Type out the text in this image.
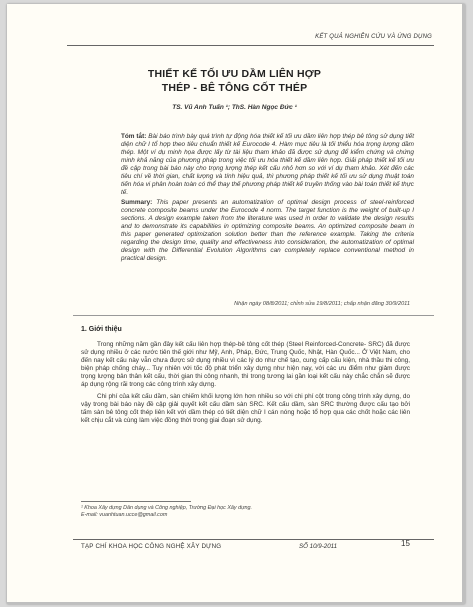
KẾT QUẢ NGHIÊN CỨU VÀ ỨNG DỤNG
THIẾT KẾ TỐI ƯU DẦM LIÊN HỢP
THÉP - BÊ TÔNG CỐT THÉP
TS. Vũ Anh Tuấn ¹; ThS. Hàn Ngọc Đức ¹

Tóm tắt: Bài báo trình bày quá trình tự động hóa thiết kế tối ưu dầm liên hợp thép bê tông sử dụng tiết diện chữ I tổ hợp theo tiêu chuẩn thiết kế Eurocode 4. Hàm mục tiêu là tối thiểu hóa trọng lượng dầm thép. Một ví dụ minh họa được lấy từ tài liệu tham khảo đã được sử dụng để kiểm chứng và chứng minh khả năng của phương pháp trong việc tối ưu hóa thiết kế dầm liên hợp. Giải pháp thiết kế tối ưu đề cập trong bài báo này cho trọng lượng thép kết cấu nhỏ hơn so với ví dụ tham khảo. Xét đến các tiêu chí về thời gian, chất lượng và tính hiệu quả, thì phương pháp thiết kế tối ưu sử dụng thuật toán tiến hóa vi phân hoàn toàn có thể thay thế phương pháp thiết kế truyền thống vào bài toán thiết kế thực tế.

Summary: This paper presents an automatization of optimal design process of steel-reinforced concrete composite beams under the Eurocode 4 norm. The target function is the weight of built-up I sections. A design example taken from the literature was used in order to validate the design results and to demonstrate its capabilities in optimizing composite beams. An optimized composite beam in this paper generated optimization solution better than the reference example. Taking the criteria regarding the design time, quality and effectiveness into consideration, the automatization of optimal design with the Differential Evolution Algorithms can completely replace conventional method in practical design.

Nhận ngày 08/8/2011; chỉnh sửa 19/8/2011; chấp nhận đăng 30/9/2011
1. Giới thiệu

Trong những năm gần đây kết cấu liên hợp thép-bê tông cốt thép (Steel Reinforced-Concrete- SRC) đã được sử dụng nhiều ở các nước tiên thế giới như Mỹ, Anh, Pháp, Đức, Trung Quốc, Nhật, Hàn Quốc... Ở Việt Nam, cho đến nay kết cấu này vẫn chưa được sử dụng nhiều vì các lý do như chế tạo, cung cấp cấu kiện, nhà thầu thi công, biện pháp chống cháy... Tuy nhiên với tốc độ phát triển xây dựng như hiện nay, với các ưu điểm như giảm được trọng lượng bản thân kết cấu, thời gian thi công nhanh, thì trong tương lai gần loại kết cấu này chắc chắn sẽ được áp dụng rộng rãi trong các công trình xây dựng.

Chi phí của kết cấu dầm, sàn chiếm khối lượng lớn hơn nhiều so với chi phí cột trong công trình xây dựng, do vậy trong bài báo này đề cập giải quyết kết cấu dầm sàn SRC. Kết cấu dầm, sàn SRC thường được cấu tạo bởi tấm sàn bê tông cốt thép liên kết với dầm thép có tiết diện chữ I cán nóng hoặc tổ hợp qua các chốt hoặc các liên kết chịu cắt và cùng làm việc đồng thời trong giai đoạn sử dụng.

¹ Khoa Xây dựng Dân dụng và Công nghiệp, Trường Đại học Xây dựng.
E-mail: vuanhtuan.ucce@gmail.com
TẠP CHÍ KHOA HỌC CÔNG NGHỆ XÂY DỰNG	SỐ 10/9-2011	15
